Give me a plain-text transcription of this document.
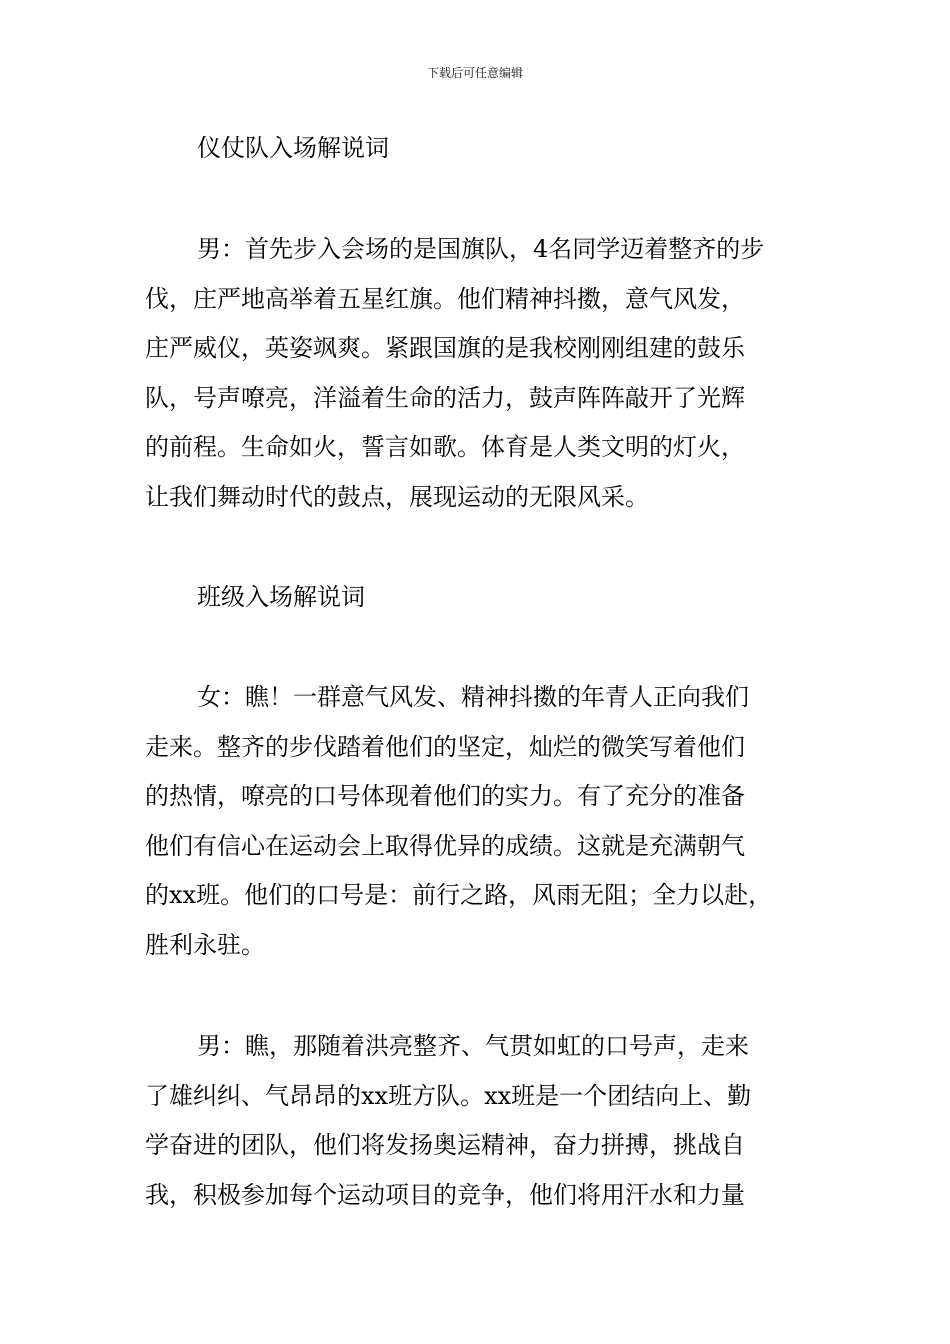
下载后可任意编辑
仪仗队入场解说词
男：首先步入会场的是国旗队，4名同学迈着整齐的步
伐，庄严地高举着五星红旗。他们精神抖擞，意气风发，
庄严威仪，英姿飒爽。紧跟国旗的是我校刚刚组建的鼓乐
队，号声嘹亮，洋溢着生命的活力，鼓声阵阵敲开了光辉
的前程。生命如火，誓言如歌。体育是人类文明的灯火，
让我们舞动时代的鼓点，展现运动的无限风采。
班级入场解说词
女：瞧！一群意气风发、精神抖擞的年青人正向我们
走来。整齐的步伐踏着他们的坚定，灿烂的微笑写着他们
的热情，嘹亮的口号体现着他们的实力。有了充分的准备
他们有信心在运动会上取得优异的成绩。这就是充满朝气
的xx班。他们的口号是：前行之路，风雨无阻；全力以赴，
胜利永驻。
男：瞧，那随着洪亮整齐、气贯如虹的口号声，走来
了雄纠纠、气昂昂的xx班方队。xx班是一个团结向上、勤
学奋进的团队，他们将发扬奥运精神，奋力拼搏，挑战自
我，积极参加每个运动项目的竞争，他们将用汗水和力量
